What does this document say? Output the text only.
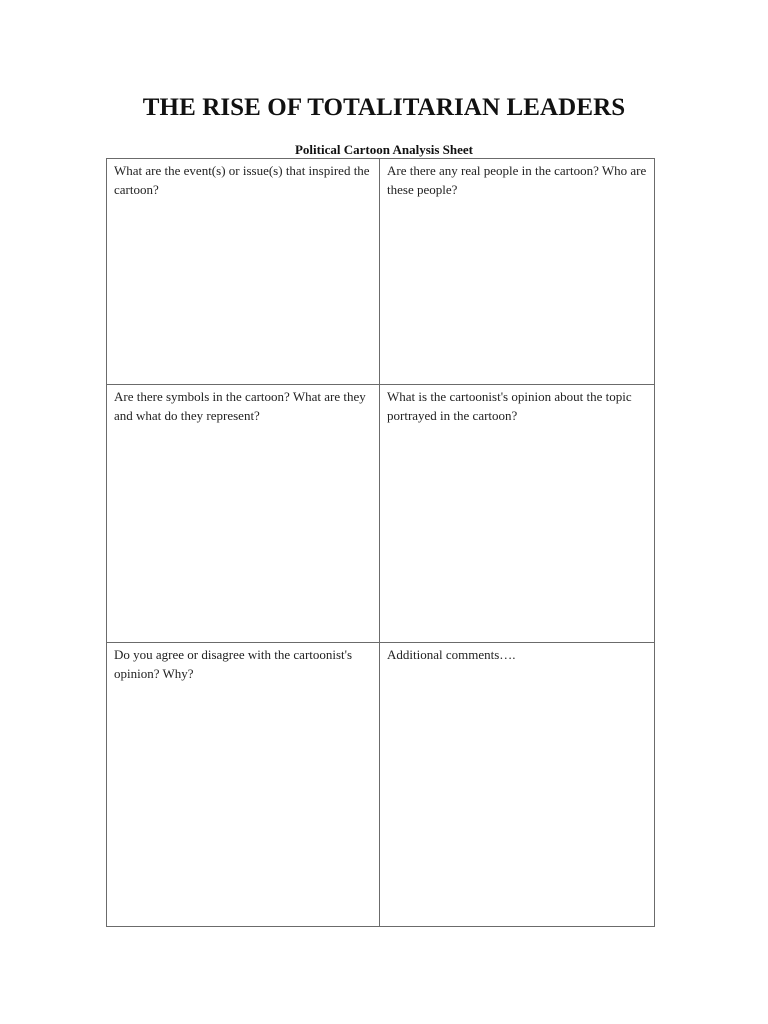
THE RISE OF TOTALITARIAN LEADERS
Political Cartoon Analysis Sheet
What are the event(s) or issue(s) that inspired the cartoon?	Are there any real people in the cartoon? Who are these people?

Are there symbols in the cartoon? What are they and what do they represent?	What is the cartoonist's opinion about the topic portrayed in the cartoon?

Do you agree or disagree with the cartoonist's opinion? Why?	Additional comments….
